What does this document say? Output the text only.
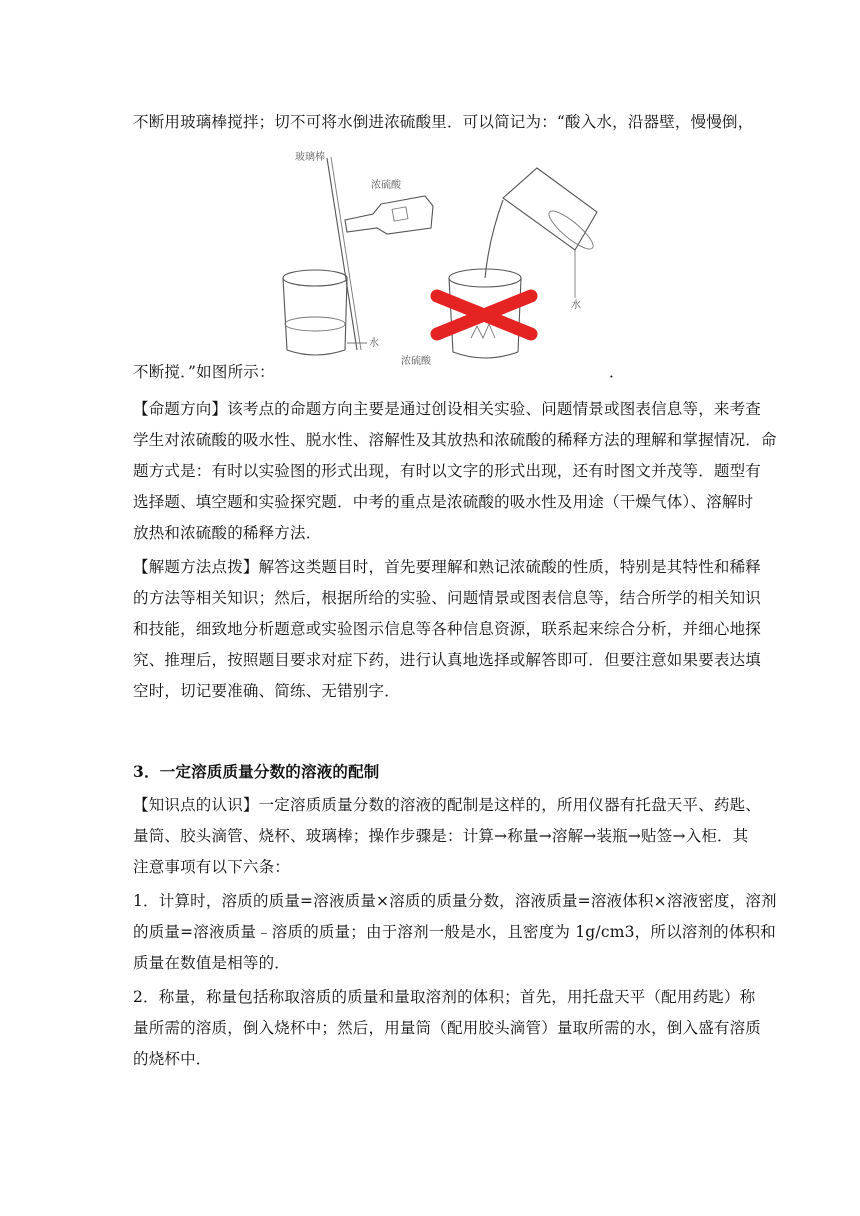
不断用玻璃棒搅拌；切不可将水倒进浓硫酸里．可以简记为：“酸入水，沿器壁，慢慢倒，
玻璃棒
浓硫酸
水
水
浓硫酸
不断搅．”如图所示：	．
【命题方向】该考点的命题方向主要是通过创设相关实验、问题情景或图表信息等，来考查
学生对浓硫酸的吸水性、脱水性、溶解性及其放热和浓硫酸的稀释方法的理解和掌握情况．命
题方式是：有时以实验图的形式出现，有时以文字的形式出现，还有时图文并茂等．题型有
选择题、填空题和实验探究题．中考的重点是浓硫酸的吸水性及用途（干燥气体）、溶解时
放热和浓硫酸的稀释方法．
【解题方法点拨】解答这类题目时，首先要理解和熟记浓硫酸的性质，特别是其特性和稀释
的方法等相关知识；然后，根据所给的实验、问题情景或图表信息等，结合所学的相关知识
和技能，细致地分析题意或实验图示信息等各种信息资源，联系起来综合分析，并细心地探
究、推理后，按照题目要求对症下药，进行认真地选择或解答即可．但要注意如果要表达填
空时，切记要准确、简练、无错别字．
3．一定溶质质量分数的溶液的配制
【知识点的认识】一定溶质质量分数的溶液的配制是这样的，所用仪器有托盘天平、药匙、
量筒、胶头滴管、烧杯、玻璃棒；操作步骤是：计算→称量→溶解→装瓶→贴签→入柜．其
注意事项有以下六条：
1．计算时，溶质的质量=溶液质量×溶质的质量分数，溶液质量=溶液体积×溶液密度，溶剂
的质量=溶液质量﹣溶质的质量；由于溶剂一般是水，且密度为 1g/cm3，所以溶剂的体积和
质量在数值是相等的．
2．称量，称量包括称取溶质的质量和量取溶剂的体积；首先，用托盘天平（配用药匙）称
量所需的溶质，倒入烧杯中；然后，用量筒（配用胶头滴管）量取所需的水，倒入盛有溶质
的烧杯中．
